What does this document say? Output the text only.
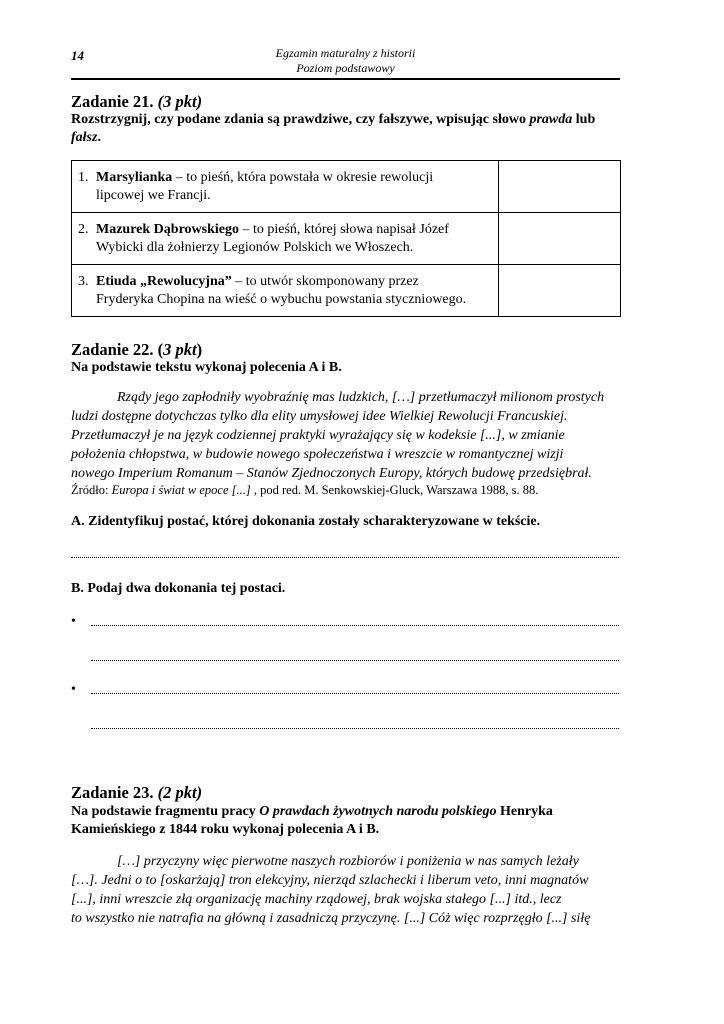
14	Egzamin maturalny z historii
Poziom podstawowy
Zadanie 21. (3 pkt)
Rozstrzygnij, czy podane zdania są prawdziwe, czy fałszywe, wpisując słowo prawda lub fałsz.
1. Marsylianka – to pieśń, która powstała w okresie rewolucji
lipcowej we Francji.	

2. Mazurek Dąbrowskiego – to pieśń, której słowa napisał Józef
Wybicki dla żołnierzy Legionów Polskich we Włoszech.	

3. Etiuda „Rewolucyjna” – to utwór skomponowany przez
Fryderyka Chopina na wieść o wybuchu powstania styczniowego.	

Zadanie 22. (3 pkt)
Na podstawie tekstu wykonaj polecenia A i B.
Rządy jego zapłodniły wyobraźnię mas ludzkich, […] przetłumaczył milionom prostych
ludzi dostępne dotychczas tylko dla elity umysłowej idee Wielkiej Rewolucji Francuskiej.
Przetłumaczył je na język codziennej praktyki wyrażający się w kodeksie [...], w zmianie
położenia chłopstwa, w budowie nowego społeczeństwa i wreszcie w romantycznej wizji
nowego Imperium Romanum – Stanów Zjednoczonych Europy, których budowę przedsiębrał.
Źródło: Europa i świat w epoce [...] , pod red. M. Senkowskiej-Gluck, Warszawa 1988, s. 88.
A. Zidentyfikuj postać, której dokonania zostały scharakteryzowane w tekście.
B. Podaj dwa dokonania tej postaci.
•
•
Zadanie 23. (2 pkt)
Na podstawie fragmentu pracy O prawdach żywotnych narodu polskiego Henryka
Kamieńskiego z 1844 roku wykonaj polecenia A i B.
[…] przyczyny więc pierwotne naszych rozbiorów i poniżenia w nas samych leżały
[…]. Jedni o to [oskarżają] tron elekcyjny, nierząd szlachecki i liberum veto, inni magnatów
[...], inni wreszcie złą organizację machiny rządowej, brak wojska stałego [...] itd., lecz
to wszystko nie natrafia na główną i zasadniczą przyczynę. [...] Cóż więc rozprzęgło [...] siłę
